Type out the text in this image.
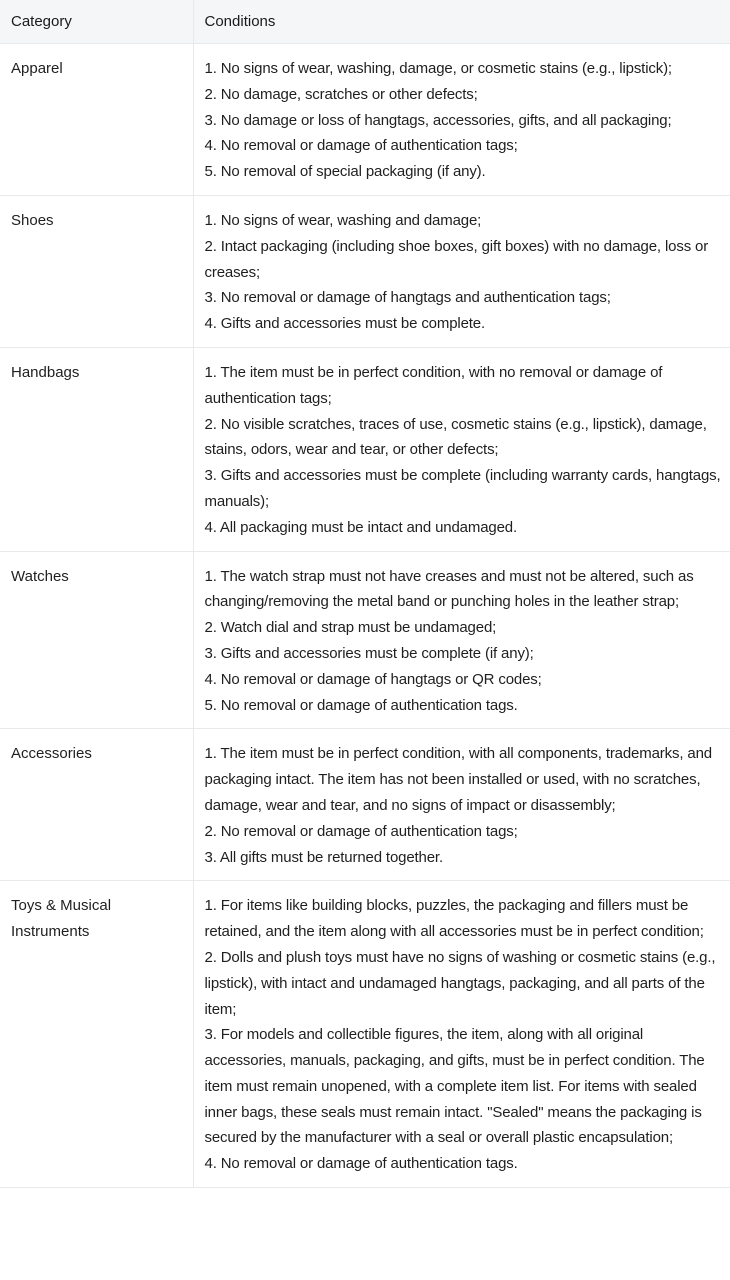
Category	Conditions
Apparel	1. No signs of wear, washing, damage, or cosmetic stains (e.g., lipstick);
2. No damage, scratches or other defects;
3. No damage or loss of hangtags, accessories, gifts, and all packaging;
4. No removal or damage of authentication tags;
5. No removal of special packaging (if any).

Shoes	1. No signs of wear, washing and damage;
2. Intact packaging (including shoe boxes, gift boxes) with no damage, loss or creases;
3. No removal or damage of hangtags and authentication tags;
4. Gifts and accessories must be complete.

Handbags	1. The item must be in perfect condition, with no removal or damage of authentication tags;
2. No visible scratches, traces of use, cosmetic stains (e.g., lipstick), damage, stains, odors, wear and tear, or other defects;
3. Gifts and accessories must be complete (including warranty cards, hangtags, manuals);
4. All packaging must be intact and undamaged.

Watches	1. The watch strap must not have creases and must not be altered, such as changing/removing the metal band or punching holes in the leather strap;
2. Watch dial and strap must be undamaged;
3. Gifts and accessories must be complete (if any);
4. No removal or damage of hangtags or QR codes;
5. No removal or damage of authentication tags.

Accessories	1. The item must be in perfect condition, with all components, trademarks, and packaging intact. The item has not been installed or used, with no scratches, damage, wear and tear, and no signs of impact or disassembly;
2. No removal or damage of authentication tags;
3. All gifts must be returned together.

Toys & Musical Instruments	1. For items like building blocks, puzzles, the packaging and fillers must be retained, and the item along with all accessories must be in perfect condition;
2. Dolls and plush toys must have no signs of washing or cosmetic stains (e.g., lipstick), with intact and undamaged hangtags, packaging, and all parts of the item;
3. For models and collectible figures, the item, along with all original accessories, manuals, packaging, and gifts, must be in perfect condition. The item must remain unopened, with a complete item list. For items with sealed inner bags, these seals must remain intact. "Sealed" means the packaging is secured by the manufacturer with a seal or overall plastic encapsulation;
4. No removal or damage of authentication tags.
